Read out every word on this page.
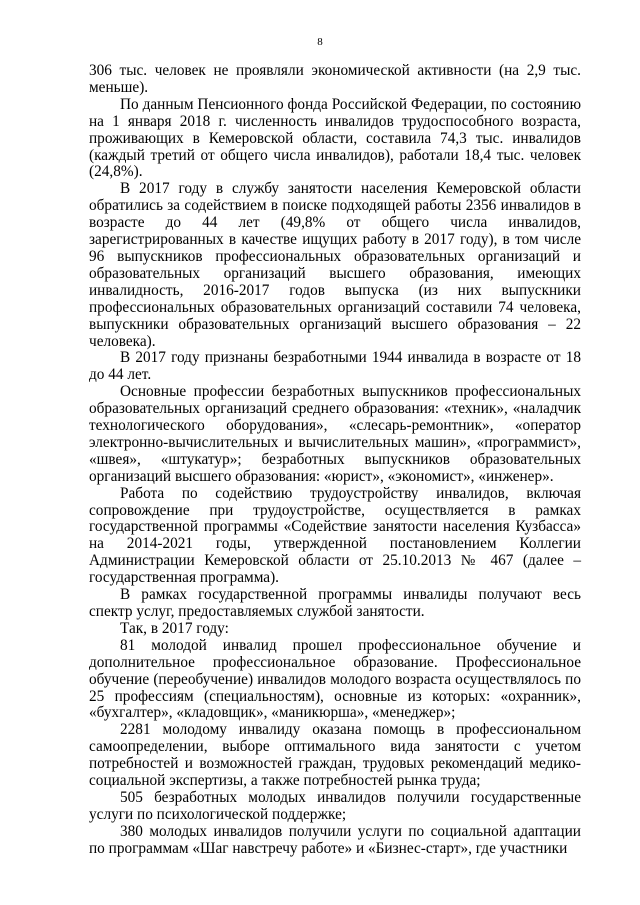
8

306 тыс. человек не проявляли экономической активности (на 2,9 тыс. меньше).

По данным Пенсионного фонда Российской Федерации, по состоянию на 1 января 2018 г. численность инвалидов трудоспособного возраста, проживающих в Кемеровской области, составила 74,3 тыс. инвалидов (каждый третий от общего числа инвалидов), работали 18,4 тыс. человек (24,8%).

В 2017 году в службу занятости населения Кемеровской области обратились за содействием в поиске подходящей работы 2356 инвалидов в возрасте до 44 лет (49,8% от общего числа инвалидов, зарегистрированных в качестве ищущих работу в 2017 году), в том числе 96 выпускников профессиональных образовательных организаций и образовательных организаций высшего образования, имеющих инвалидность, 2016-2017 годов выпуска (из них выпускники профессиональных образовательных организаций составили 74 человека, выпускники образовательных организаций высшего образования – 22 человека).

В 2017 году признаны безработными 1944 инвалида в возрасте от 18 до 44 лет.

Основные профессии безработных выпускников профессиональных образовательных организаций среднего образования: «техник», «наладчик технологического оборудования», «слесарь-ремонтник», «оператор электронно-вычислительных и вычислительных машин», «программист», «швея», «штукатур»; безработных выпускников образовательных организаций высшего образования: «юрист», «экономист», «инженер».

Работа по содействию трудоустройству инвалидов, включая сопровождение при трудоустройстве, осуществляется в рамках государственной программы «Содействие занятости населения Кузбасса» на 2014-2021 годы, утвержденной постановлением Коллегии Администрации Кемеровской области от 25.10.2013 № 467 (далее – государственная программа).

В рамках государственной программы инвалиды получают весь спектр услуг, предоставляемых службой занятости.

Так, в 2017 году:

81 молодой инвалид прошел профессиональное обучение и дополнительное профессиональное образование. Профессиональное обучение (переобучение) инвалидов молодого возраста осуществлялось по 25 профессиям (специальностям), основные из которых: «охранник», «бухгалтер», «кладовщик», «маникюрша», «менеджер»;

2281 молодому инвалиду оказана помощь в профессиональном самоопределении, выборе оптимального вида занятости с учетом потребностей и возможностей граждан, трудовых рекомендаций медико-социальной экспертизы, а также потребностей рынка труда;

505 безработных молодых инвалидов получили государственные услуги по психологической поддержке;

380 молодых инвалидов получили услуги по социальной адаптации по программам «Шаг навстречу работе» и «Бизнес-старт», где участники
